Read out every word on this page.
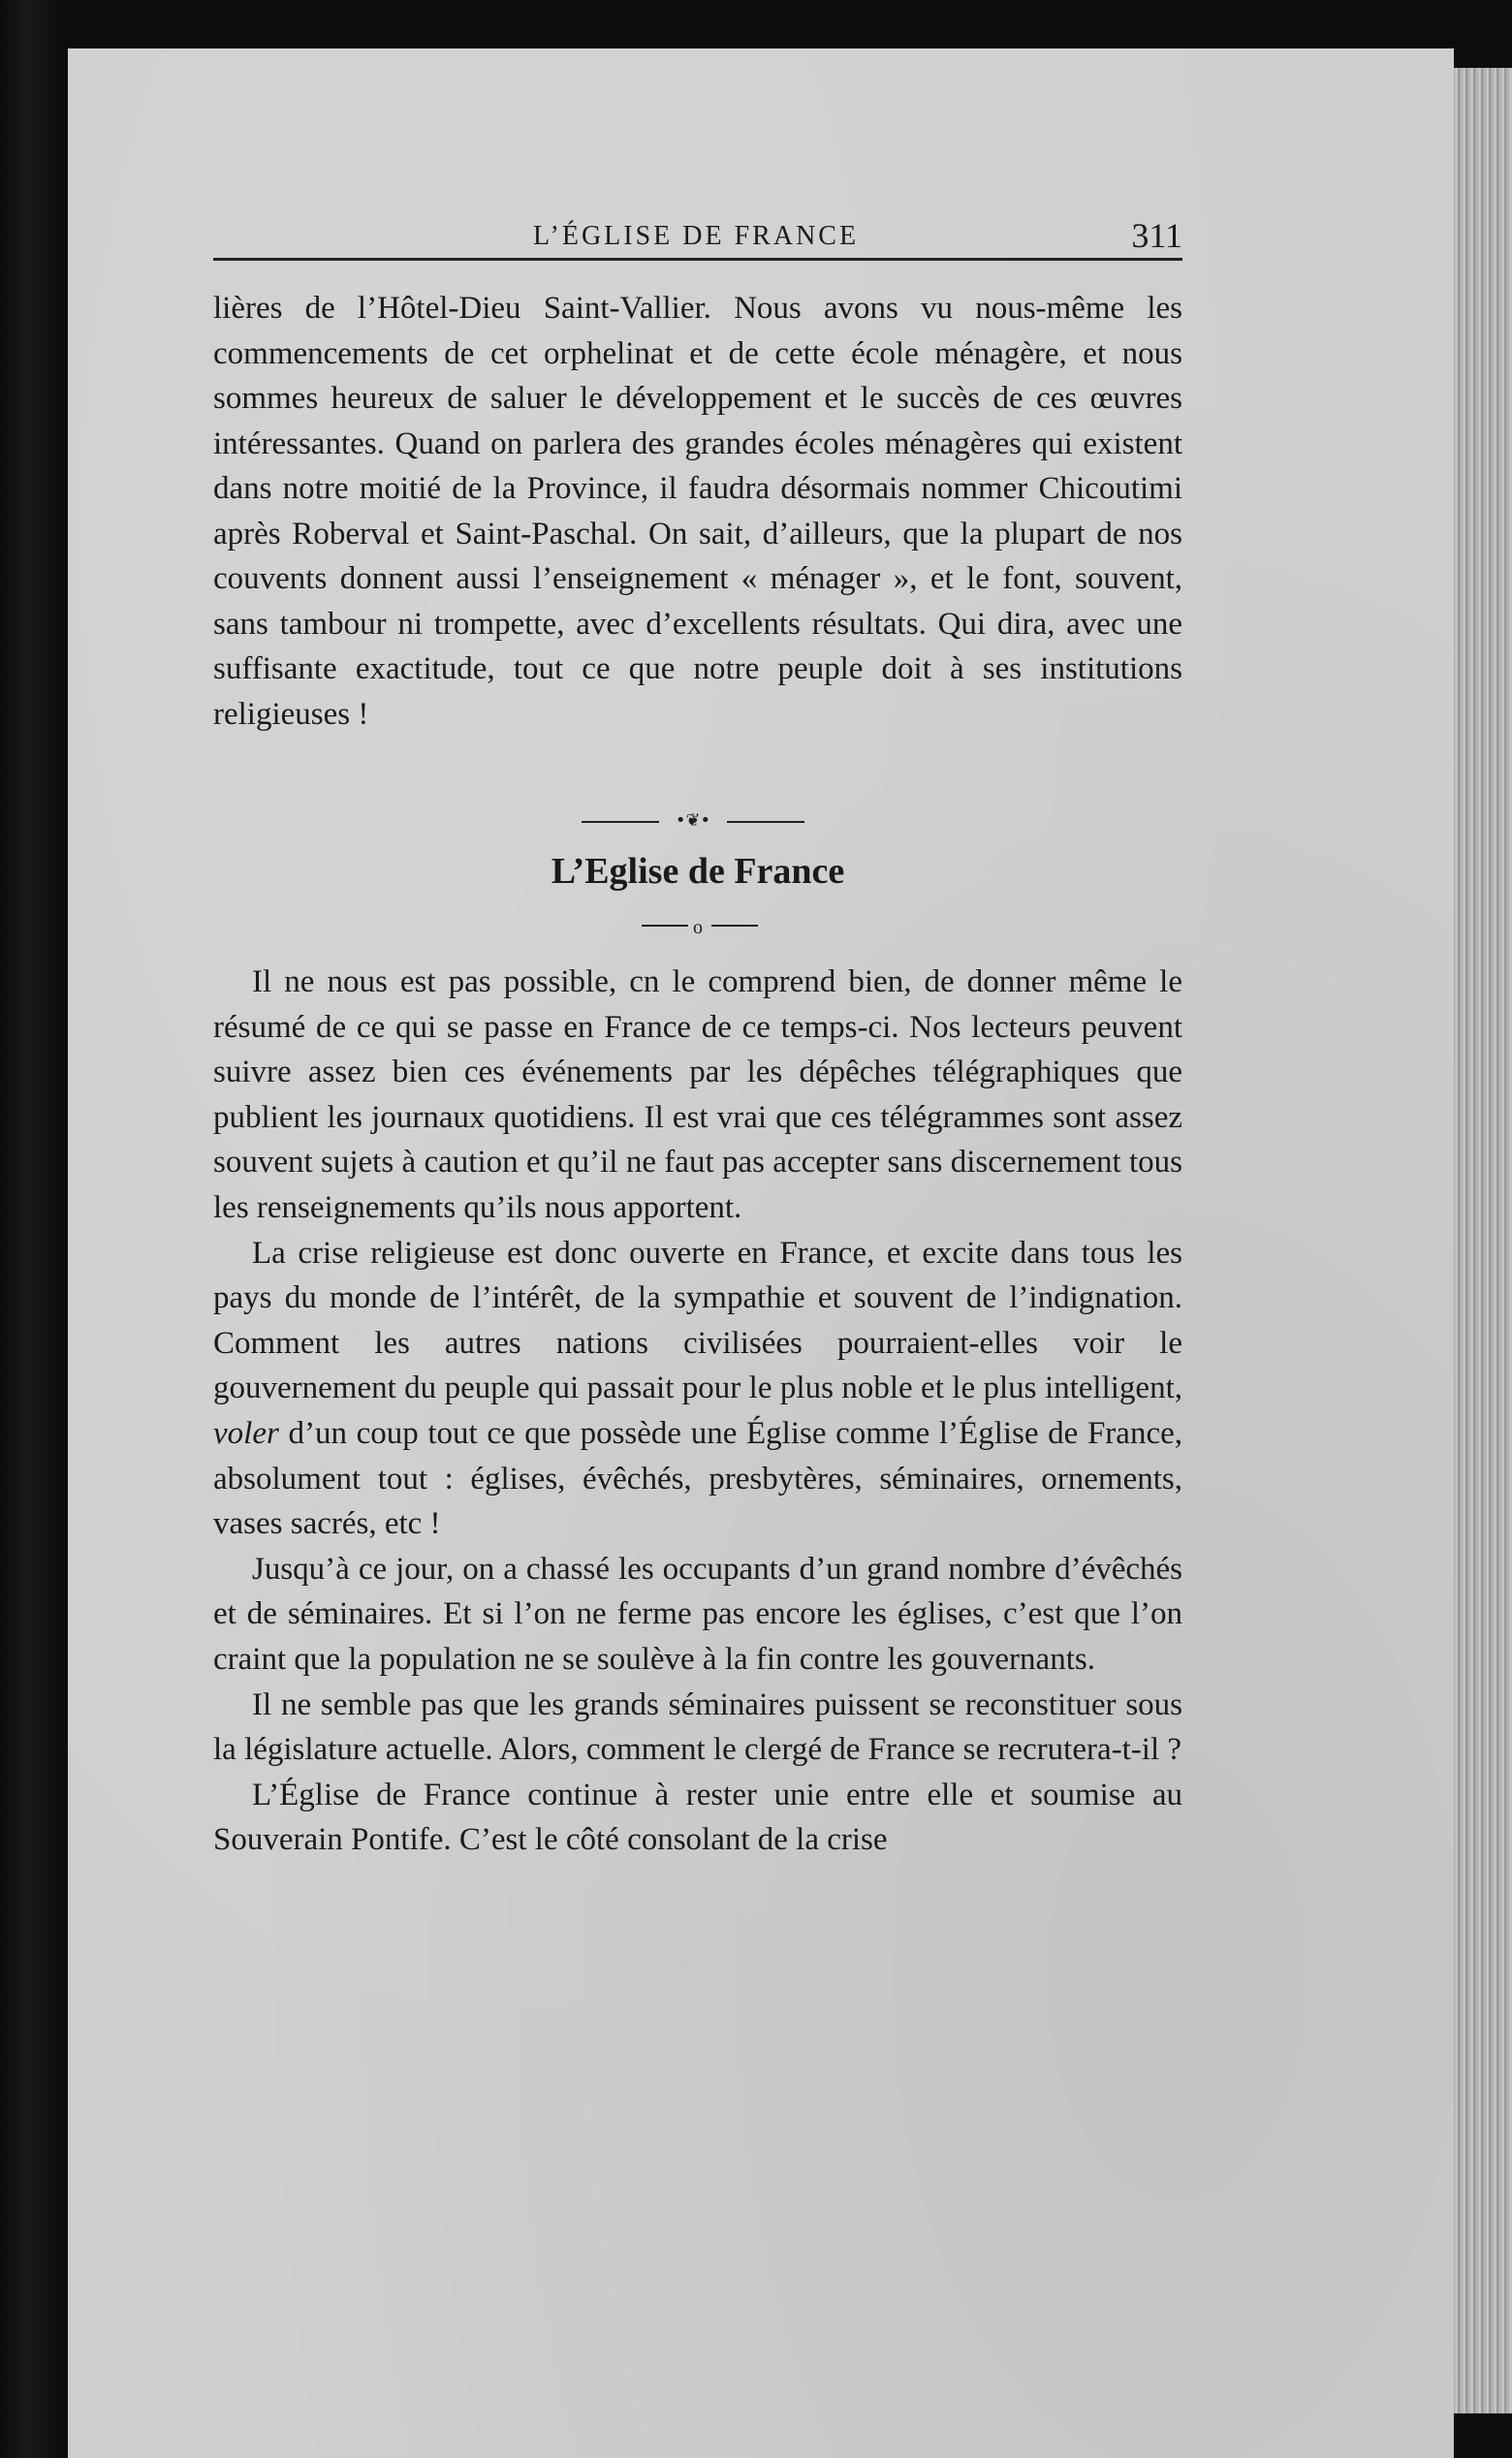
L’ÉGLISE DE FRANCE	311

lières de l’Hôtel-Dieu Saint-Vallier. Nous avons vu nous-même les commencements de cet orphelinat et de cette école ménagère, et nous sommes heureux de saluer le développement et le succès de ces œuvres intéressantes. Quand on parlera des grandes écoles ménagères qui existent dans notre moitié de la Province, il faudra désormais nommer Chicoutimi après Roberval et Saint-Paschal. On sait, d’ailleurs, que la plupart de nos couvents donnent aussi l’enseignement « ménager », et le font, souvent, sans tambour ni trompette, avec d’excellents résultats. Qui dira, avec une suffisante exactitude, tout ce que notre peuple doit à ses institutions religieuses !

•❦•
L’Eglise de France
o

Il ne nous est pas possible, cn le comprend bien, de donner même le résumé de ce qui se passe en France de ce temps-ci. Nos lecteurs peuvent suivre assez bien ces événements par les dépêches télégraphiques que publient les journaux quotidiens. Il est vrai que ces télégrammes sont assez souvent sujets à caution et qu’il ne faut pas accepter sans discernement tous les renseignements qu’ils nous apportent.

La crise religieuse est donc ouverte en France, et excite dans tous les pays du monde de l’intérêt, de la sympathie et souvent de l’indignation. Comment les autres nations civilisées pourraient-elles voir le gouvernement du peuple qui passait pour le plus noble et le plus intelligent, voler d’un coup tout ce que possède une Église comme l’Église de France, absolument tout : églises, évêchés, presbytères, séminaires, ornements, vases sacrés, etc !

Jusqu’à ce jour, on a chassé les occupants d’un grand nombre d’évêchés et de séminaires. Et si l’on ne ferme pas encore les églises, c’est que l’on craint que la population ne se soulève à la fin contre les gouvernants.

Il ne semble pas que les grands séminaires puissent se reconstituer sous la législature actuelle. Alors, comment le clergé de France se recrutera-t-il ?

L’Église de France continue à rester unie entre elle et soumise au Souverain Pontife. C’est le côté consolant de la crise
